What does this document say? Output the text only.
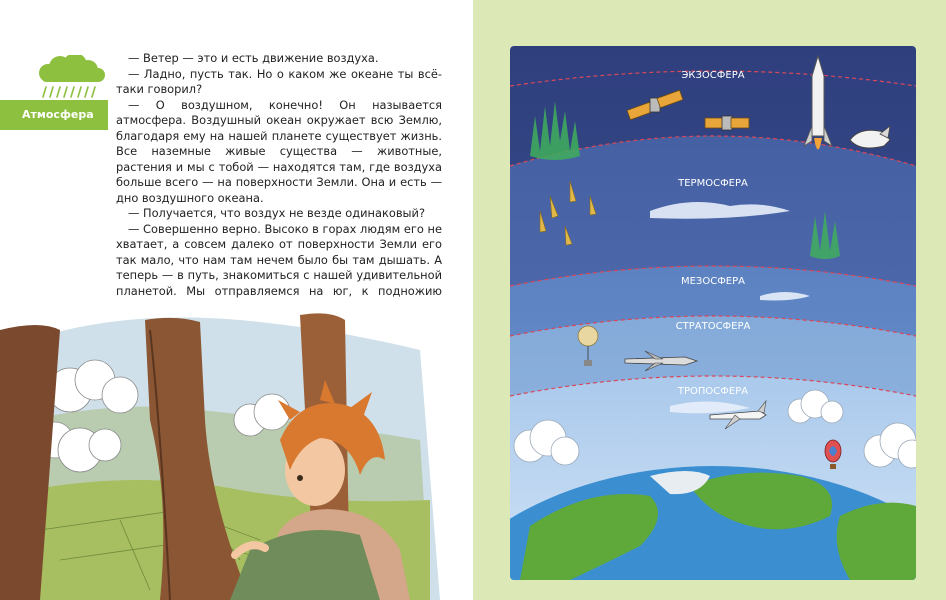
Атмосфера

— Ветер — это и есть движение воздуха.

— Ладно, пусть так. Но о каком же океане ты всё-таки говорил?

— О воздушном, конечно! Он называется атмосфера. Воздушный океан окружает всю Землю, благодаря ему на нашей планете существует жизнь. Все наземные живые существа — животные, растения и мы с тобой — находятся там, где воздуха больше всего — на поверхности Земли. Она и есть — дно воздушного океана.

— Получается, что воздух не везде одинаковый?

— Совершенно верно. Высоко в горах людям его не хватает, а совсем далеко от поверхности Земли его так мало, что нам там нечем было бы там дышать. А теперь — в путь, знакомиться с нашей удивительной планетой. Мы отправляемся на юг, к подножию

ЭКЗОСФЕРА
ТЕРМОСФЕРА
МЕЗОСФЕРА
СТРАТОСФЕРА
ТРОПОСФЕРА
